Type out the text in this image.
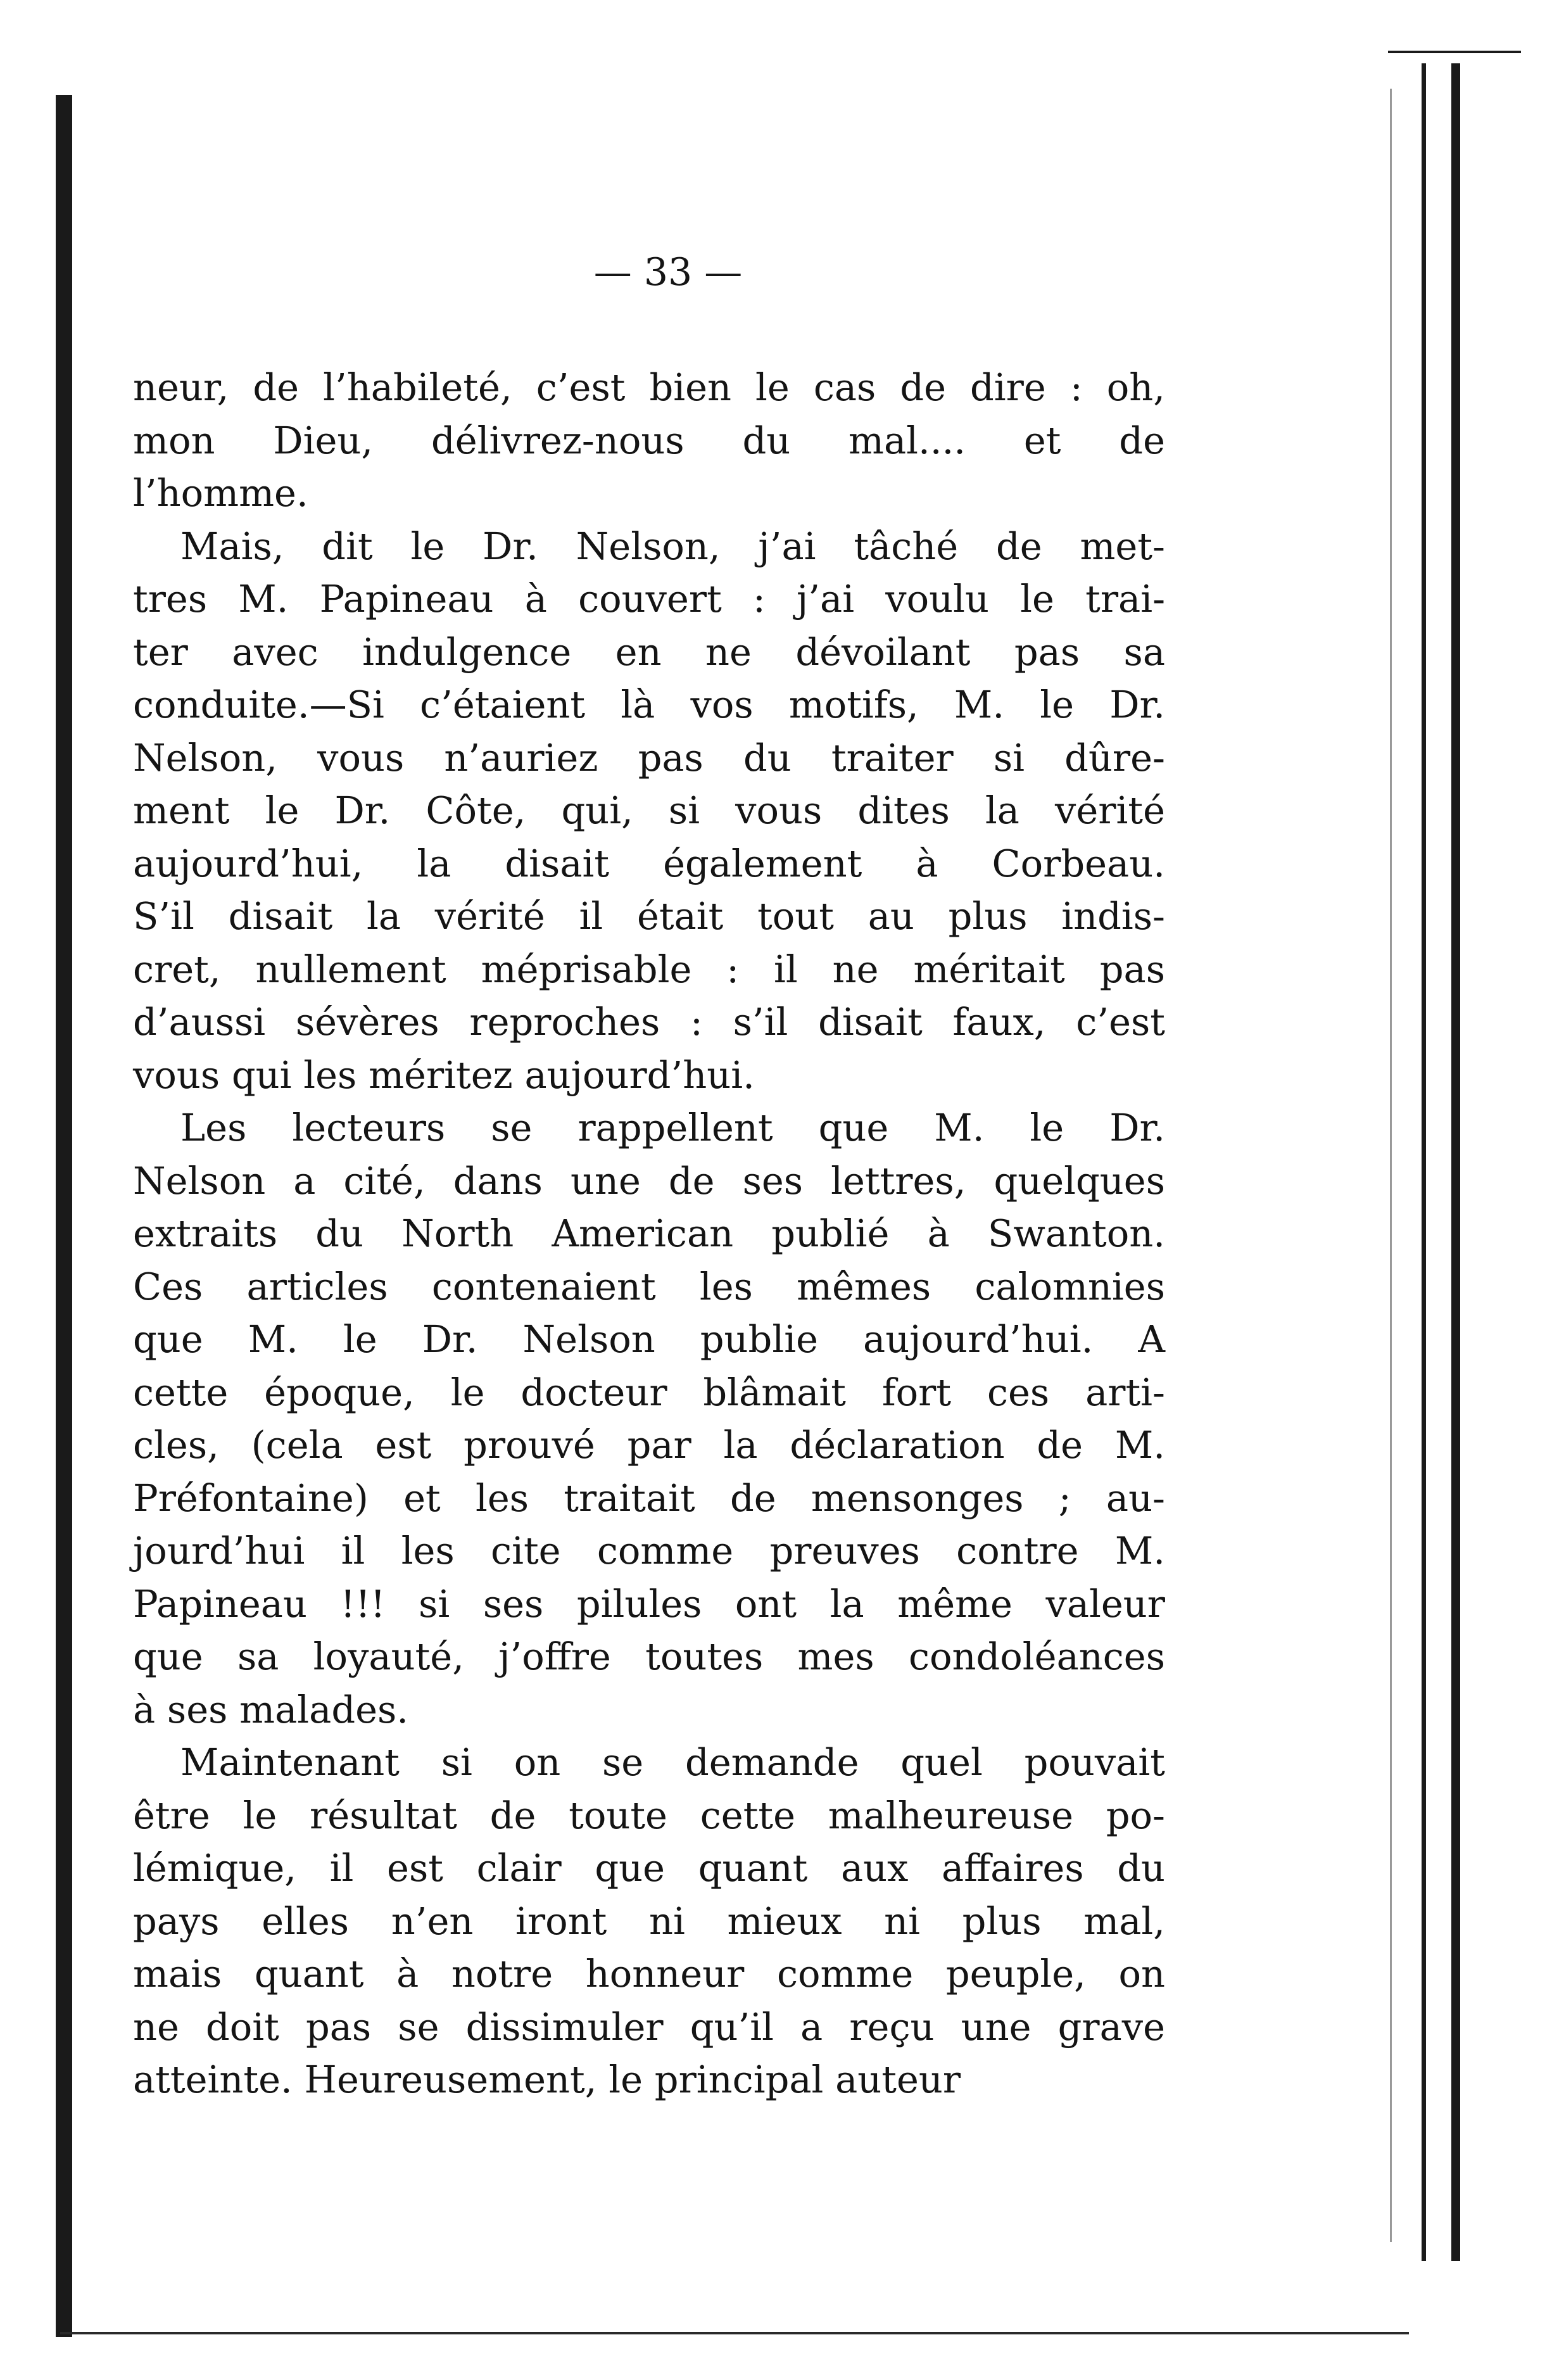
— 33 —
neur, de l’habileté, c’est bien le cas de dire : oh,
mon Dieu, délivrez-nous du mal.... et de
l’homme.
Mais, dit le Dr. Nelson, j’ai tâché de met-
tres M. Papineau à couvert : j’ai voulu le trai-
ter avec indulgence en ne dévoilant pas sa
conduite.—Si c’étaient là vos motifs, M. le Dr.
Nelson, vous n’auriez pas du traiter si dûre-
ment le Dr. Côte, qui, si vous dites la vérité
aujourd’hui, la disait également à Corbeau.
S’il disait la vérité il était tout au plus indis-
cret, nullement méprisable : il ne méritait pas
d’aussi sévères reproches : s’il disait faux, c’est
vous qui les méritez aujourd’hui.
Les lecteurs se rappellent que M. le Dr.
Nelson a cité, dans une de ses lettres, quelques
extraits du North American publié à Swanton.
Ces articles contenaient les mêmes calomnies
que M. le Dr. Nelson publie aujourd’hui. A
cette époque, le docteur blâmait fort ces arti-
cles, (cela est prouvé par la déclaration de M.
Préfontaine) et les traitait de mensonges ; au-
jourd’hui il les cite comme preuves contre M.
Papineau !!! si ses pilules ont la même valeur
que sa loyauté, j’offre toutes mes condoléances
à ses malades.
Maintenant si on se demande quel pouvait
être le résultat de toute cette malheureuse po-
lémique, il est clair que quant aux affaires du
pays elles n’en iront ni mieux ni plus mal,
mais quant à notre honneur comme peuple, on
ne doit pas se dissimuler qu’il a reçu une grave
atteinte. Heureusement, le principal auteur
